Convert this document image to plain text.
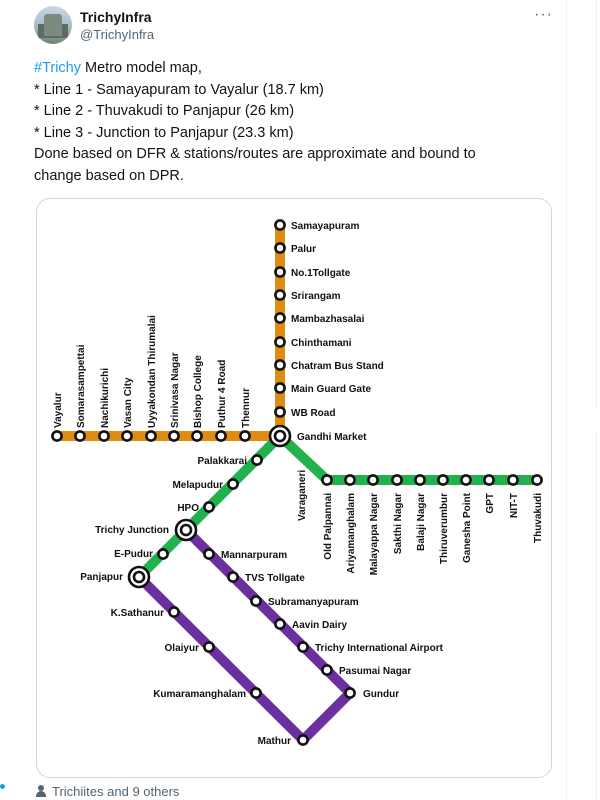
TrichyInfra
@TrichyInfra
···
#Trichy Metro model map,
* Line 1 - Samayapuram to Vayalur (18.7 km)
* Line 2 - Thuvakudi to Panjapur (26 km)
* Line 3 - Junction to Panjapur (23.3 km)
Done based on DFR & stations/routes are approximate and bound to
change based on DPR.
Samayapuram
Palur
No.1Tollgate
Srirangam
Mambazhasalai
Chinthamani
Chatram Bus Stand
Main Guard Gate
WB Road
Vayalur Somarasampettai Nachikurichi Vasan City Uyyakondan Thirumalai Srinivasa Nagar Bishop College Puthur 4 Road Thennur
Gandhi Market
Palakkarai
Melapudur
HPO
Trichy Junction
E-Pudur
Panjapur
Varaganeri Old Palpannai Ariyamanghalam Malayappa Nagar Sakthi Nagar Balaji Nagar Thiruverumbur Ganesha Point GPT NIT-T Thuvakudi
Mannarpuram
TVS Tollgate
Subramanyapuram
Aavin Dairy
Trichy International Airport
Pasumai Nagar
Gundur
Mathur
K.Sathanur
Olaiyur
Kumaramanghalam
Trichiites and 9 others
